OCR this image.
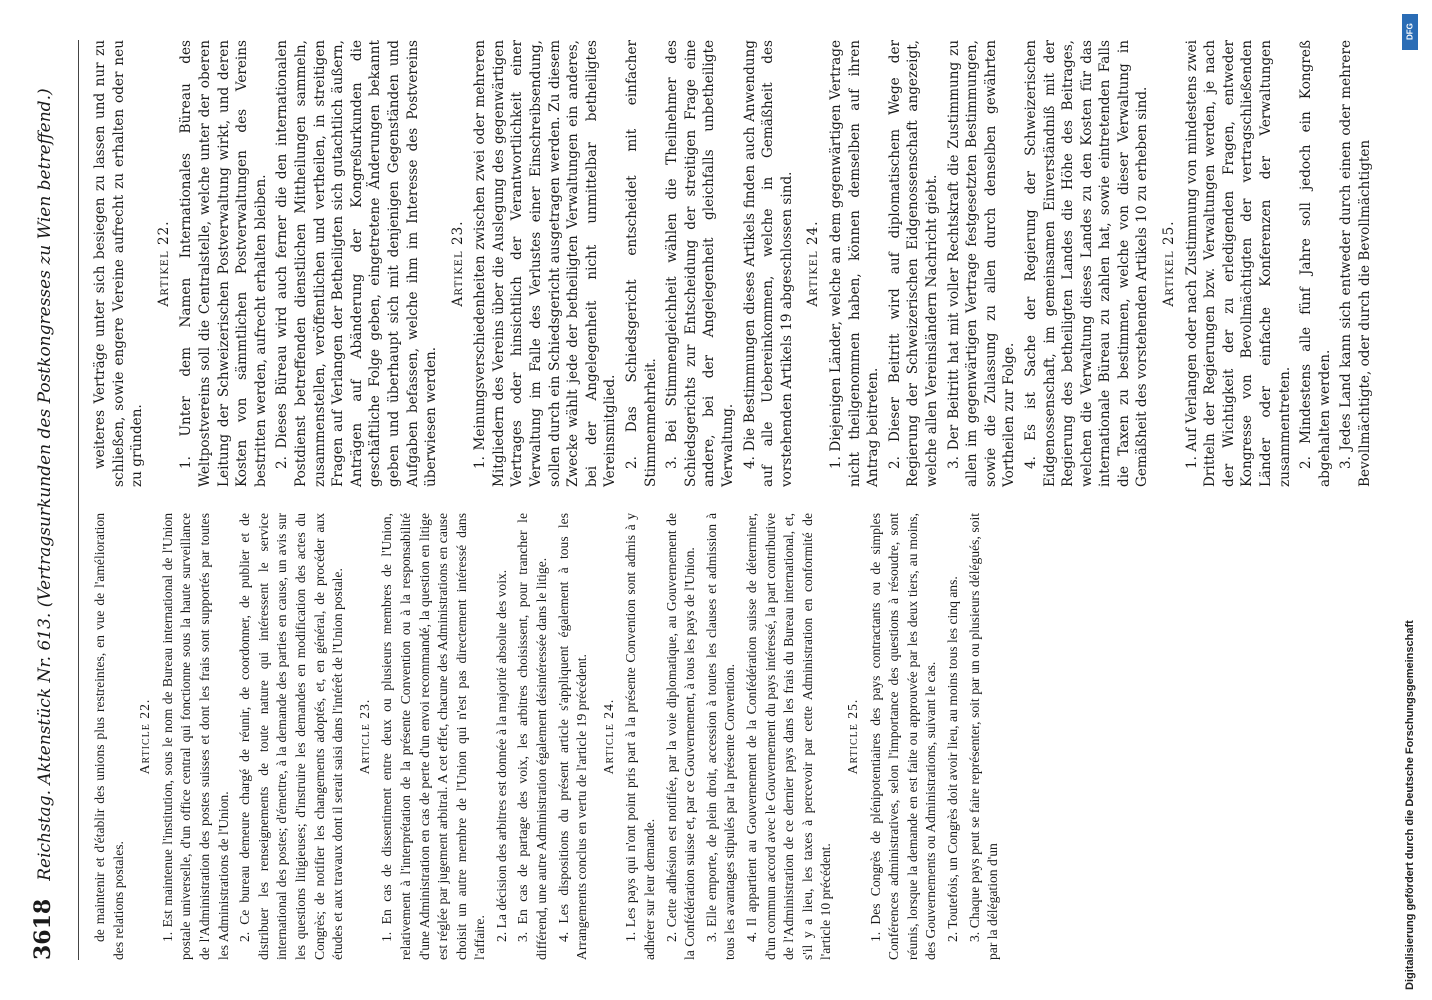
3618
Reichstag. Aktenstück Nr. 613. (Vertragsurkunden des Postkongresses zu Wien betreffend.)	de maintenir et d'établir des unions plus restreintes, en vue de l'amélioration des relations postales.

Article 22. 1. Est maintenue l'institution, sous le nom de Bureau international de l'Union postale universelle, d'un office central qui fonctionne sous la haute surveillance de l'Administration des postes suisses et dont les frais sont supportés par toutes les Administrations de l'Union. 2. Ce bureau demeure chargé de réunir, de coordonner, de publier et de distribuer les renseignements de toute nature qui intéressent le service international des postes; d'émettre, à la demande des parties en cause, un avis sur les questions litigieuses; d'instruire les demandes en modification des actes du Congrès; de notifier les changements adoptés, et, en général, de procéder aux études et aux travaux dont il serait saisi dans l'intérêt de l'Union postale. Article 23. 1. En cas de dissentiment entre deux ou plusieurs membres de l'Union, relativement à l'interprétation de la présente Convention ou à la responsabilité d'une Administration en cas de perte d'un envoi recommandé, la question en litige est réglée par jugement arbitral. A cet effet, chacune des Administrations en cause choisit un autre membre de l'Union qui n'est pas directement intéressé dans l'affaire. 2. La décision des arbitres est donnée à la majorité absolue des voix. 3. En cas de partage des voix, les arbitres choisissent, pour trancher le différend, une autre Administration également désintéressée dans le litige. 4. Les dispositions du présent article s'appliquent également à tous les Arrangements conclus en vertu de l'article 19 précédent. Article 24. 1. Les pays qui n'ont point pris part à la présente Convention sont admis à y adhérer sur leur demande. 2. Cette adhésion est notifiée, par la voie diplomatique, au Gouvernement de la Confédération suisse et, par ce Gouvernement, à tous les pays de l'Union. 3. Elle emporte, de plein droit, accession à toutes les clauses et admission à tous les avantages stipulés par la présente Convention. 4. Il appartient au Gouvernement de la Confédération suisse de déterminer, d'un commun accord avec le Gouvernement du pays intéressé, la part contributive de l'Administration de ce dernier pays dans les frais du Bureau international, et, s'il y a lieu, les taxes à percevoir par cette Administration en conformité de l'article 10 précédent.

Article 25. 1. Des Congrès de plénipotentiaires des pays contractants ou de simples Conférences administratives, selon l'importance des questions à résoudre, sont réunis, lorsque la demande en est faite ou approuvée par les deux tiers, au moins, des Gouvernements ou Administrations, suivant le cas. 2. Toutefois, un Congrès doit avoir lieu, au moins tous les cinq ans. 3. Chaque pays peut se faire représenter, soit par un ou plusieurs délégués, soit par la délégation d'un

weiteres Verträge unter sich besiegen zu lassen und nur zu schließen, sowie engere Vereine aufrecht zu erhalten oder neu zu gründen.

Artikel 22. 1. Unter dem Namen Internationales Büreau des Weltpostvereins soll die Centralstelle, welche unter der oberen Leitung der Schweizerischen Postverwaltung wirkt, und deren Kosten von sämmtlichen Postverwaltungen des Vereins bestritten werden, aufrecht erhalten bleiben. 2. Dieses Büreau wird auch ferner die den internationalen Postdienst betreffenden dienstlichen Mittheilungen sammeln, zusammenstellen, veröffentlichen und vertheilen, in streitigen Fragen auf Verlangen der Betheiligten sich gutachtlich äußern, Anträgen auf Abänderung der Kongreßurkunden die geschäftliche Folge geben, eingetretene Änderungen bekannt geben und überhaupt sich mit denjenigen Gegenständen und Aufgaben befassen, welche ihm im Interesse des Postvereins überwiesen werden.

Artikel 23. 1. Meinungsverschiedenheiten zwischen zwei oder mehreren Mitgliedern des Vereins über die Auslegung des gegenwärtigen Vertrages oder hinsichtlich der Verantwortlichkeit einer Verwaltung im Falle des Verlustes einer Einschreibsendung, sollen durch ein Schiedsgericht ausgetragen werden. Zu diesem Zwecke wählt jede der betheiligten Verwaltungen ein anderes, bei der Angelegenheit nicht unmittelbar betheiligtes Vereinsmitglied. 2. Das Schiedsgericht entscheidet mit einfacher Stimmenmehrheit. 3. Bei Stimmengleichheit wählen die Theilnehmer des Schiedsgerichts zur Entscheidung der streitigen Frage eine andere, bei der Angelegenheit gleichfalls unbetheiligte Verwaltung. 4. Die Bestimmungen dieses Artikels finden auch Anwendung auf alle Uebereinkommen, welche in Gemäßheit des vorstehenden Artikels 19 abgeschlossen sind. Artikel 24. 1. Diejenigen Länder, welche an dem gegenwärtigen Vertrage nicht theilgenommen haben, können demselben auf ihren Antrag beitreten. 2. Dieser Beitritt wird auf diplomatischem Wege der Regierung der Schweizerischen Eidgenossenschaft angezeigt, welche allen Vereinsländern Nachricht giebt. 3. Der Beitritt hat mit voller Rechtskraft die Zustimmung zu allen im gegenwärtigen Vertrage festgesetzten Bestimmungen, sowie die Zulassung zu allen durch denselben gewährten Vortheilen zur Folge. 4. Es ist Sache der Regierung der Schweizerischen Eidgenossenschaft, im gemeinsamen Einverständniß mit der Regierung des betheiligten Landes die Höhe des Beitrages, welchen die Verwaltung dieses Landes zu den Kosten für das internationale Büreau zu zahlen hat, sowie eintretenden Falls die Taxen zu bestimmen, welche von dieser Verwaltung in Gemäßheit des vorstehenden Artikels 10 zu erheben sind. Artikel 25. 1. Auf Verlangen oder nach Zustimmung von mindestens zwei Dritteln der Regierungen bzw. Verwaltungen werden, je nach der Wichtigkeit der zu erledigenden Fragen, entweder Kongresse von Bevollmächtigten der vertragschließenden Länder oder einfache Konferenzen der Verwaltungen zusammentreten. 2. Mindestens alle fünf Jahre soll jedoch ein Kongreß abgehalten werden. 3. Jedes Land kann sich entweder durch einen oder mehrere Bevollmächtigte, oder durch die Bevollmächtigten

DFG
Digitalisierung gefördert durch die Deutsche Forschungsgemeinschaft
